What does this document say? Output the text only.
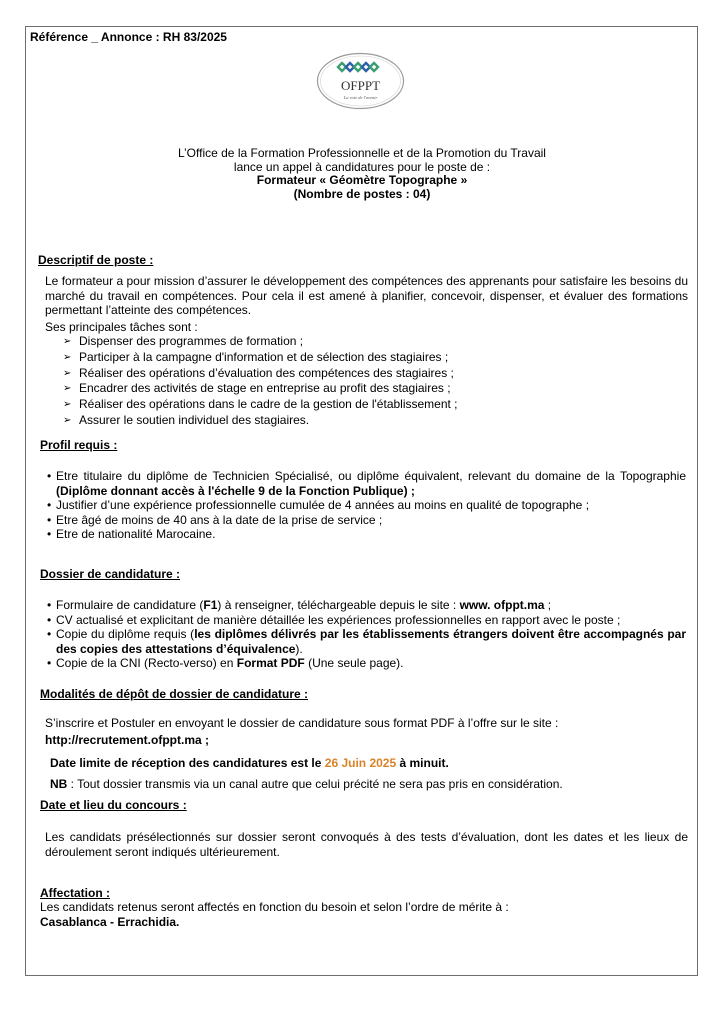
Référence _ Annonce : RH 83/2025
OFPPT
La voie de l'avenir
L’Office de la Formation Professionnelle et de la Promotion du Travail
lance un appel à candidatures pour le poste de :
Formateur « Géomètre Topographe »
(Nombre de postes : 04)
Descriptif de poste :
Le formateur a pour mission d’assurer le développement des compétences des apprenants pour satisfaire les besoins du marché du travail en compétences. Pour cela il est amené à planifier, concevoir, dispenser, et évaluer des formations permettant l’atteinte des compétences.
Ses principales tâches sont :
➢ Dispenser des programmes de formation ;
➢ Participer à la campagne d'information et de sélection des stagiaires ;
➢ Réaliser des opérations d’évaluation des compétences des stagiaires ;
➢ Encadrer des activités de stage en entreprise au profit des stagiaires ;
➢ Réaliser des opérations dans le cadre de la gestion de l'établissement ;
➢ Assurer le soutien individuel des stagiaires.
Profil requis :
• Etre titulaire du diplôme de Technicien Spécialisé, ou diplôme équivalent, relevant du domaine de la Topographie (Diplôme donnant accès à l'échelle 9 de la Fonction Publique) ;
• Justifier d’une expérience professionnelle cumulée de 4 années au moins en qualité de topographe ;
• Etre âgé de moins de 40 ans à la date de la prise de service ;
• Etre de nationalité Marocaine.
Dossier de candidature :
• Formulaire de candidature (F1) à renseigner, téléchargeable depuis le site : www. ofppt.ma ;
• CV actualisé et explicitant de manière détaillée les expériences professionnelles en rapport avec le poste ;
• Copie du diplôme requis (les diplômes délivrés par les établissements étrangers doivent être accompagnés par des copies des attestations d’équivalence).
• Copie de la CNI (Recto-verso) en Format PDF (Une seule page).
Modalités de dépôt de dossier de candidature :
S’inscrire et Postuler en envoyant le dossier de candidature sous format PDF à l’offre sur le site :
http://recrutement.ofppt.ma ;
Date limite de réception des candidatures est le 26 Juin 2025 à minuit.
NB : Tout dossier transmis via un canal autre que celui précité ne sera pas pris en considération.
Date et lieu du concours :
Les candidats présélectionnés sur dossier seront convoqués à des tests d’évaluation, dont les dates et les lieux de déroulement seront indiqués ultérieurement.
Affectation :
Les candidats retenus seront affectés en fonction du besoin et selon l’ordre de mérite à :
Casablanca - Errachidia.
